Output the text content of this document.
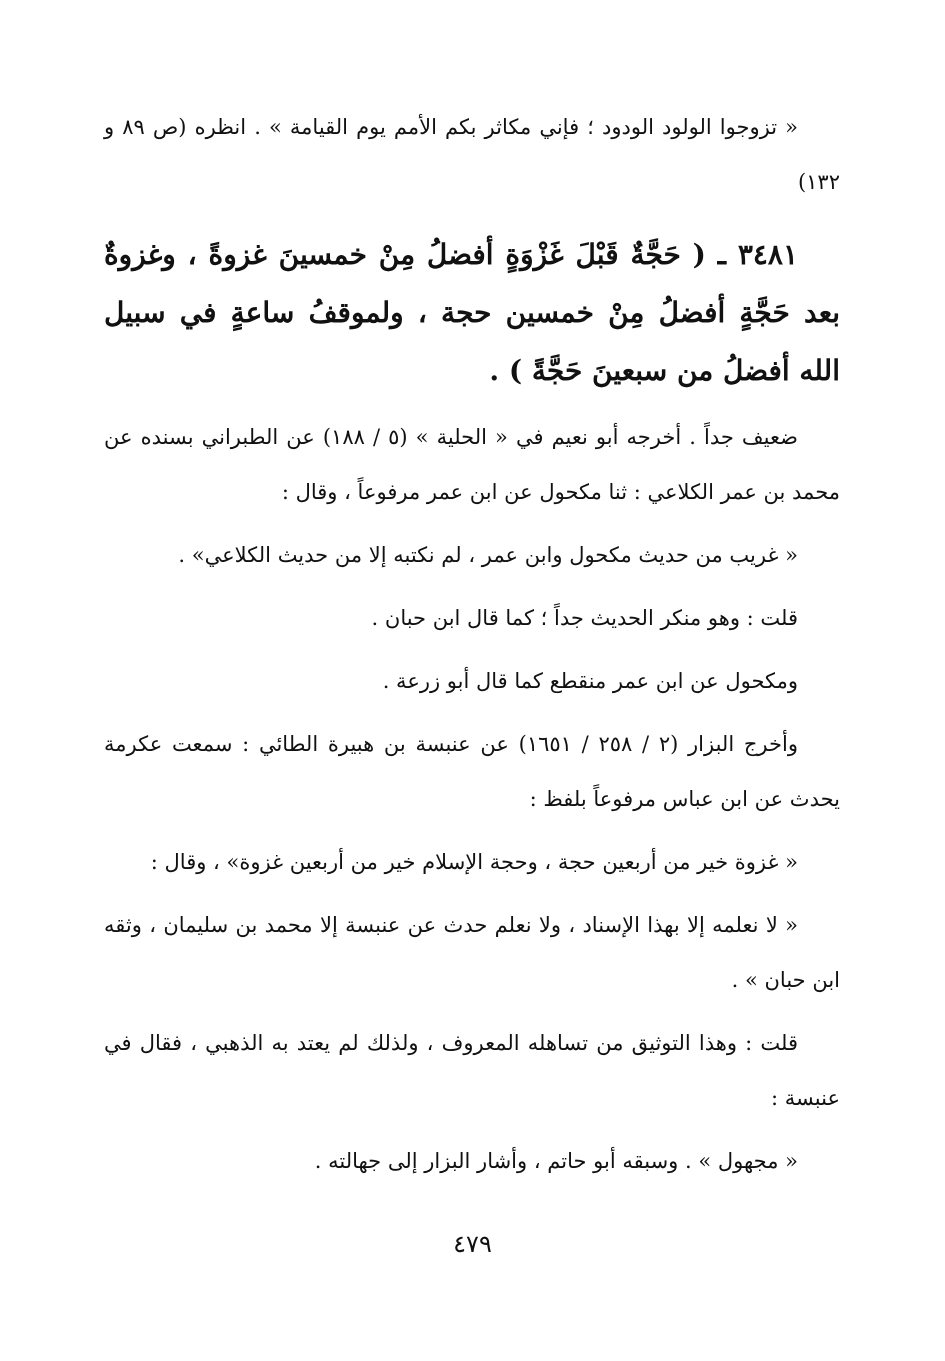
« تزوجوا الولود الودود ؛ فإني مكاثر بكم الأمم يوم القيامة » . انظره (ص ٨٩ و ١٣٢)

٣٤٨١ ـ ( حَجَّةٌ قَبْلَ غَزْوَةٍ أفضلُ مِنْ خمسينَ غزوةً ، وغزوةٌ بعد حَجَّةٍ أفضلُ مِنْ خمسين حجة ، ولموقفُ ساعةٍ في سبيل الله أفضلُ من سبعينَ حَجَّةً ) .

ضعيف جداً . أخرجه أبو نعيم في « الحلية » (٥ / ١٨٨) عن الطبراني بسنده عن محمد بن عمر الكلاعي : ثنا مكحول عن ابن عمر مرفوعاً ، وقال :

« غريب من حديث مكحول وابن عمر ، لم نكتبه إلا من حديث الكلاعي» .

قلت : وهو منكر الحديث جداً ؛ كما قال ابن حبان .

ومكحول عن ابن عمر منقطع كما قال أبو زرعة .

وأخرج البزار (٢ / ٢٥٨ / ١٦٥١) عن عنبسة بن هبيرة الطائي : سمعت عكرمة يحدث عن ابن عباس مرفوعاً بلفظ :

« غزوة خير من أربعين حجة ، وحجة الإسلام خير من أربعين غزوة» ، وقال :

« لا نعلمه إلا بهذا الإسناد ، ولا نعلم حدث عن عنبسة إلا محمد بن سليمان ، وثقه ابن حبان » .

قلت : وهذا التوثيق من تساهله المعروف ، ولذلك لم يعتد به الذهبي ، فقال في عنبسة :

« مجهول » . وسبقه أبو حاتم ، وأشار البزار إلى جهالته .

٤٧٩
